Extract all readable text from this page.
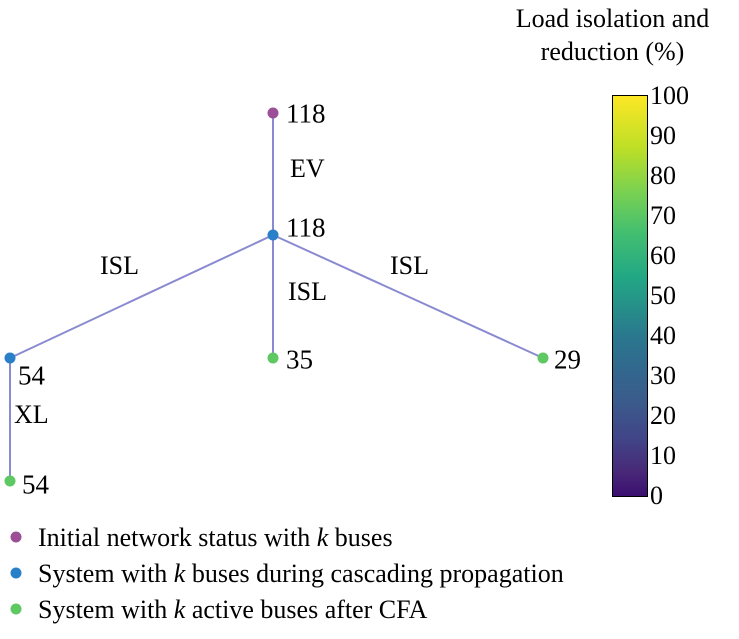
118
118
35
54
54
29
EV
ISL
ISL	ISL
XL
Load isolation and
reduction (%)
100
90
80
70
60
50
40
30
20
10
0
Initial network status with k buses
System with k buses during cascading propagation
System with k active buses after CFA
